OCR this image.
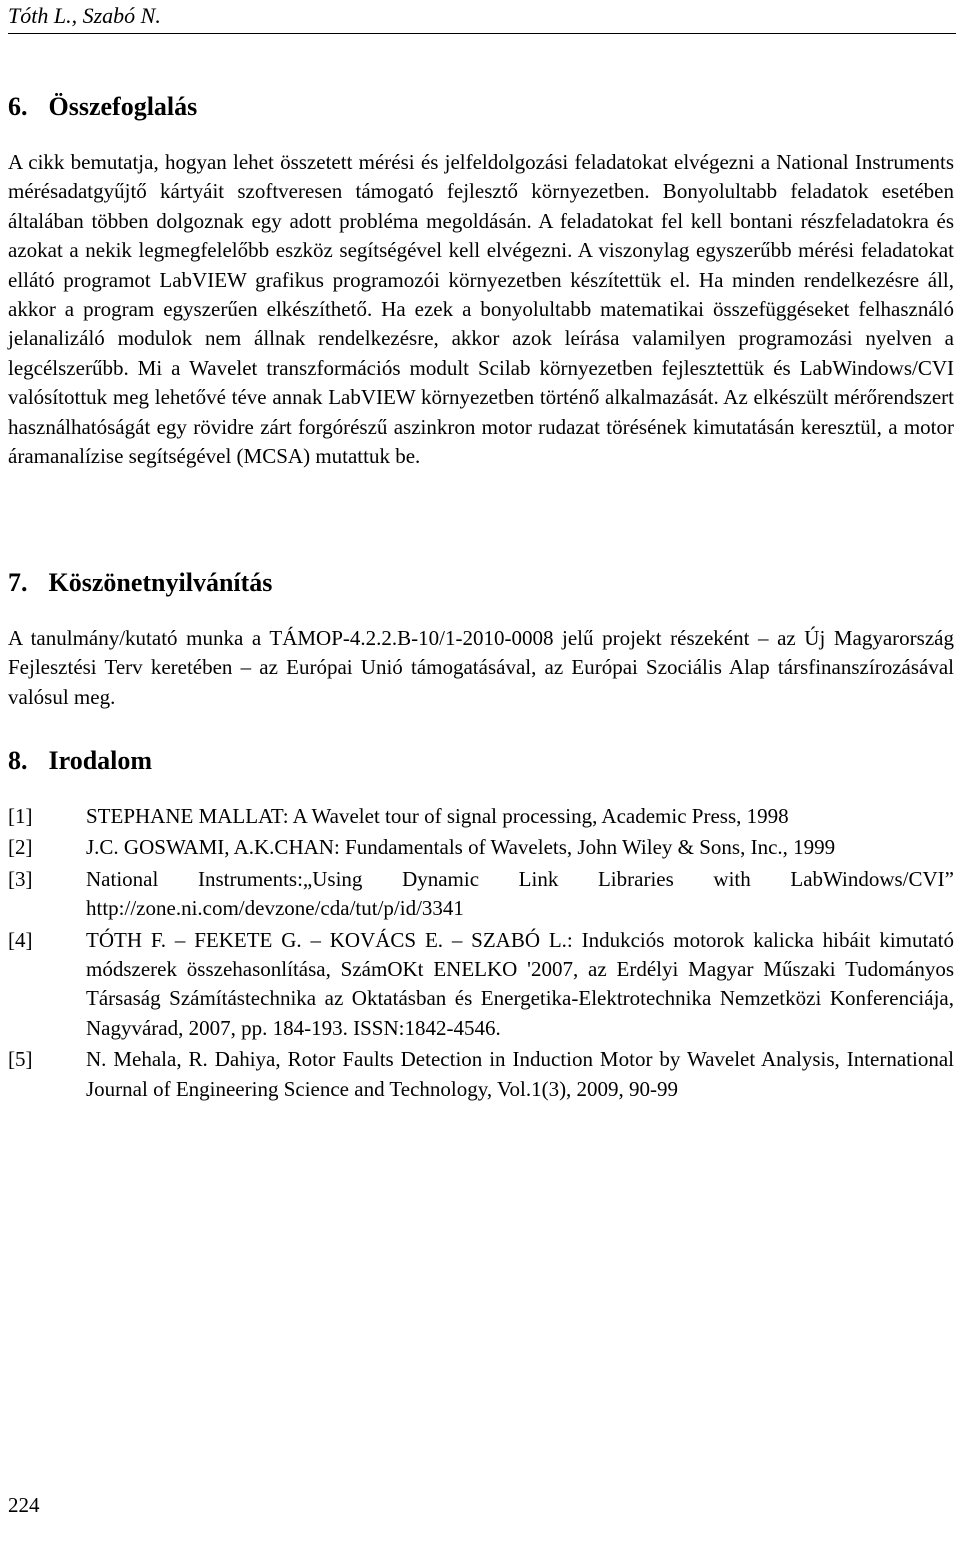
Tóth L., Szabó N.
6. Összefoglalás

A cikk bemutatja, hogyan lehet összetett mérési és jelfeldolgozási feladatokat elvégezni a National Instruments mérésadatgyűjtő kártyáit szoftveresen támogató fejlesztő környezetben. Bonyolultabb feladatok esetében általában többen dolgoznak egy adott probléma megoldásán. A feladatokat fel kell bontani részfeladatokra és azokat a nekik legmegfelelőbb eszköz segítségével kell elvégezni. A viszonylag egyszerűbb mérési feladatokat ellátó programot LabVIEW grafikus programozói környezetben készítettük el. Ha minden rendelkezésre áll, akkor a program egyszerűen elkészíthető. Ha ezek a bonyolultabb matematikai összefüggéseket felhasználó jelanalizáló modulok nem állnak rendelkezésre, akkor azok leírása valamilyen programozási nyelven a legcélszerűbb. Mi a Wavelet transzformációs modult Scilab környezetben fejlesztettük és LabWindows/CVI valósítottuk meg lehetővé téve annak LabVIEW környezetben történő alkalmazását. Az elkészült mérőrendszert használhatóságát egy rövidre zárt forgórészű aszinkron motor rudazat törésének kimutatásán keresztül, a motor áramanalízise segítségével (MCSA) mutattuk be.

7. Köszönetnyilvánítás

A tanulmány/kutató munka a TÁMOP-4.2.2.B-10/1-2010-0008 jelű projekt részeként – az Új Magyarország Fejlesztési Terv keretében – az Európai Unió támogatásával, az Európai Szociális Alap társfinanszírozásával valósul meg.

8. Irodalom
[1]	STEPHANE MALLAT: A Wavelet tour of signal processing, Academic Press, 1998
[2]	J.C. GOSWAMI, A.K.CHAN: Fundamentals of Wavelets, John Wiley & Sons, Inc., 1999
[3]	National Instruments:„Using Dynamic Link Libraries with LabWindows/CVI” http://zone.ni.com/devzone/cda/tut/p/id/3341
[4]	TÓTH F. – FEKETE G. – KOVÁCS E. – SZABÓ L.: Indukciós motorok kalicka hibáit kimutató módszerek összehasonlítása, SzámOKt ENELKO '2007, az Erdélyi Magyar Műszaki Tudományos Társaság Számítástechnika az Oktatásban és Energetika-Elektrotechnika Nemzetközi Konferenciája, Nagyvárad, 2007, pp. 184-193. ISSN:1842-4546.
[5]	N. Mehala, R. Dahiya, Rotor Faults Detection in Induction Motor by Wavelet Analysis, International Journal of Engineering Science and Technology, Vol.1(3), 2009, 90-99
224
